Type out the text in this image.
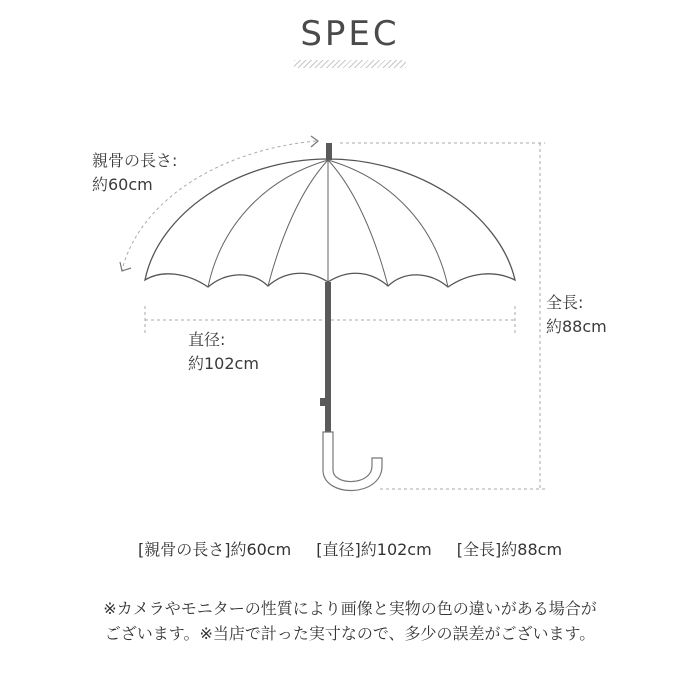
SPEC
親骨の長さ:
約60cm
直径:
約102cm
全長:
約88cm
[親骨の長さ]約60cm [直径]約102cm [全長]約88cm
※カメラやモニターの性質により画像と実物の色の違いがある場合が
ございます。※当店で計った実寸なので、多少の誤差がございます。
